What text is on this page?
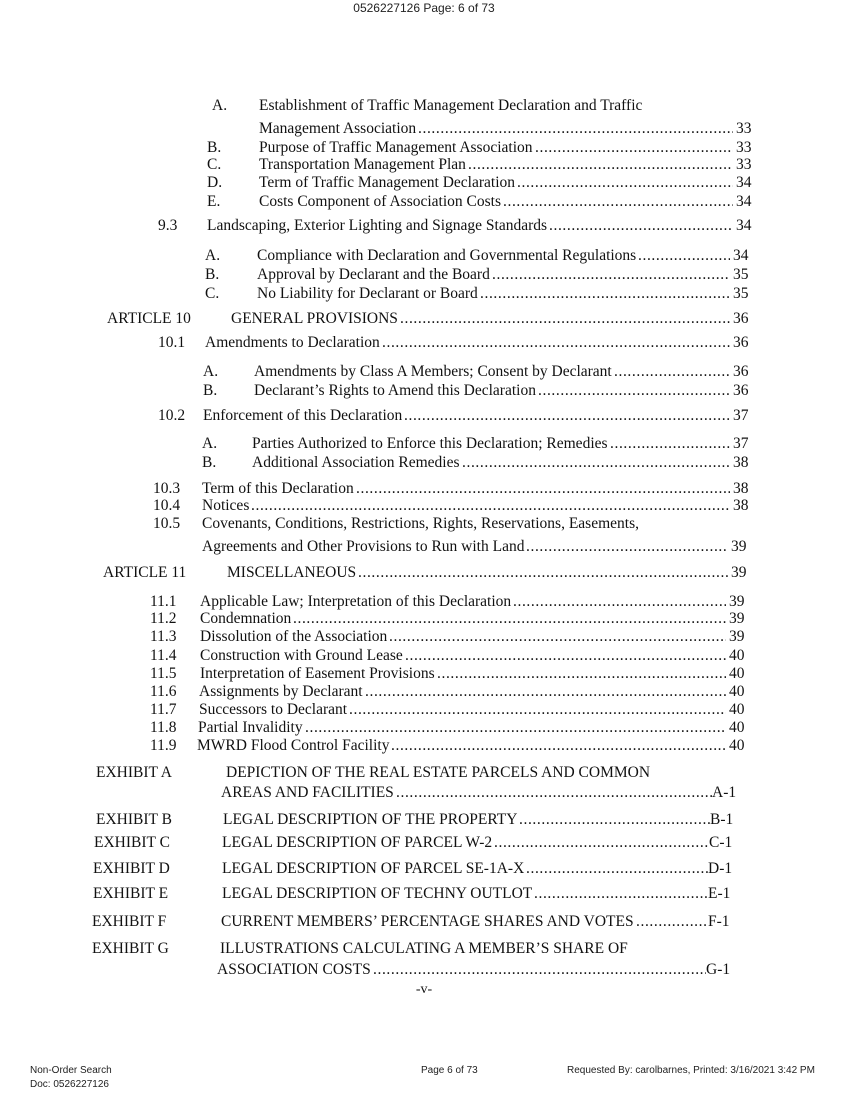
0526227126 Page: 6 of 73
A. Establishment of Traffic Management Declaration and Traffic
Management Association .....	33
B. Purpose of Traffic Management Association .....	33
C. Transportation Management Plan .....	33
D. Term of Traffic Management Declaration .....	34
E. Costs Component of Association Costs .....	34
9.3 Landscaping, Exterior Lighting and Signage Standards .....	34
A. Compliance with Declaration and Governmental Regulations .....	34
B. Approval by Declarant and the Board .....	35
C. No Liability for Declarant or Board .....	35
ARTICLE 10	GENERAL PROVISIONS .....	36
10.1 Amendments to Declaration .....	36
A. Amendments by Class A Members; Consent by Declarant .....	36
B. Declarant’s Rights to Amend this Declaration .....	36
10.2 Enforcement of this Declaration .....	37
A. Parties Authorized to Enforce this Declaration; Remedies .....	37
B. Additional Association Remedies .....	38
10.3 Term of this Declaration .....	38
10.4 Notices .....	38
10.5 Covenants, Conditions, Restrictions, Rights, Reservations, Easements,
Agreements and Other Provisions to Run with Land .....	39
ARTICLE 11	MISCELLANEOUS .....	39
11.1 Applicable Law; Interpretation of this Declaration .....	39
11.2 Condemnation .....	39
11.3 Dissolution of the Association .....	39
11.4 Construction with Ground Lease .....	40
11.5 Interpretation of Easement Provisions .....	40
11.6 Assignments by Declarant .....	40
11.7 Successors to Declarant .....	40
11.8 Partial Invalidity .....	40
11.9 MWRD Flood Control Facility .....	40
EXHIBIT A	DEPICTION OF THE REAL ESTATE PARCELS AND COMMON
AREAS AND FACILITIES .....	A-1
EXHIBIT B	LEGAL DESCRIPTION OF THE PROPERTY .....	B-1
EXHIBIT C	LEGAL DESCRIPTION OF PARCEL W-2 .....	C-1
EXHIBIT D	LEGAL DESCRIPTION OF PARCEL SE-1A-X .....	D-1
EXHIBIT E	LEGAL DESCRIPTION OF TECHNY OUTLOT .....	E-1
EXHIBIT F	CURRENT MEMBERS’ PERCENTAGE SHARES AND VOTES .....	F-1
EXHIBIT G	ILLUSTRATIONS CALCULATING A MEMBER’S SHARE OF
ASSOCIATION COSTS .....	G-1
-v-
Non-Order Search
Doc: 0526227126
Page 6 of 73	Requested By: carolbarnes, Printed: 3/16/2021 3:42 PM
